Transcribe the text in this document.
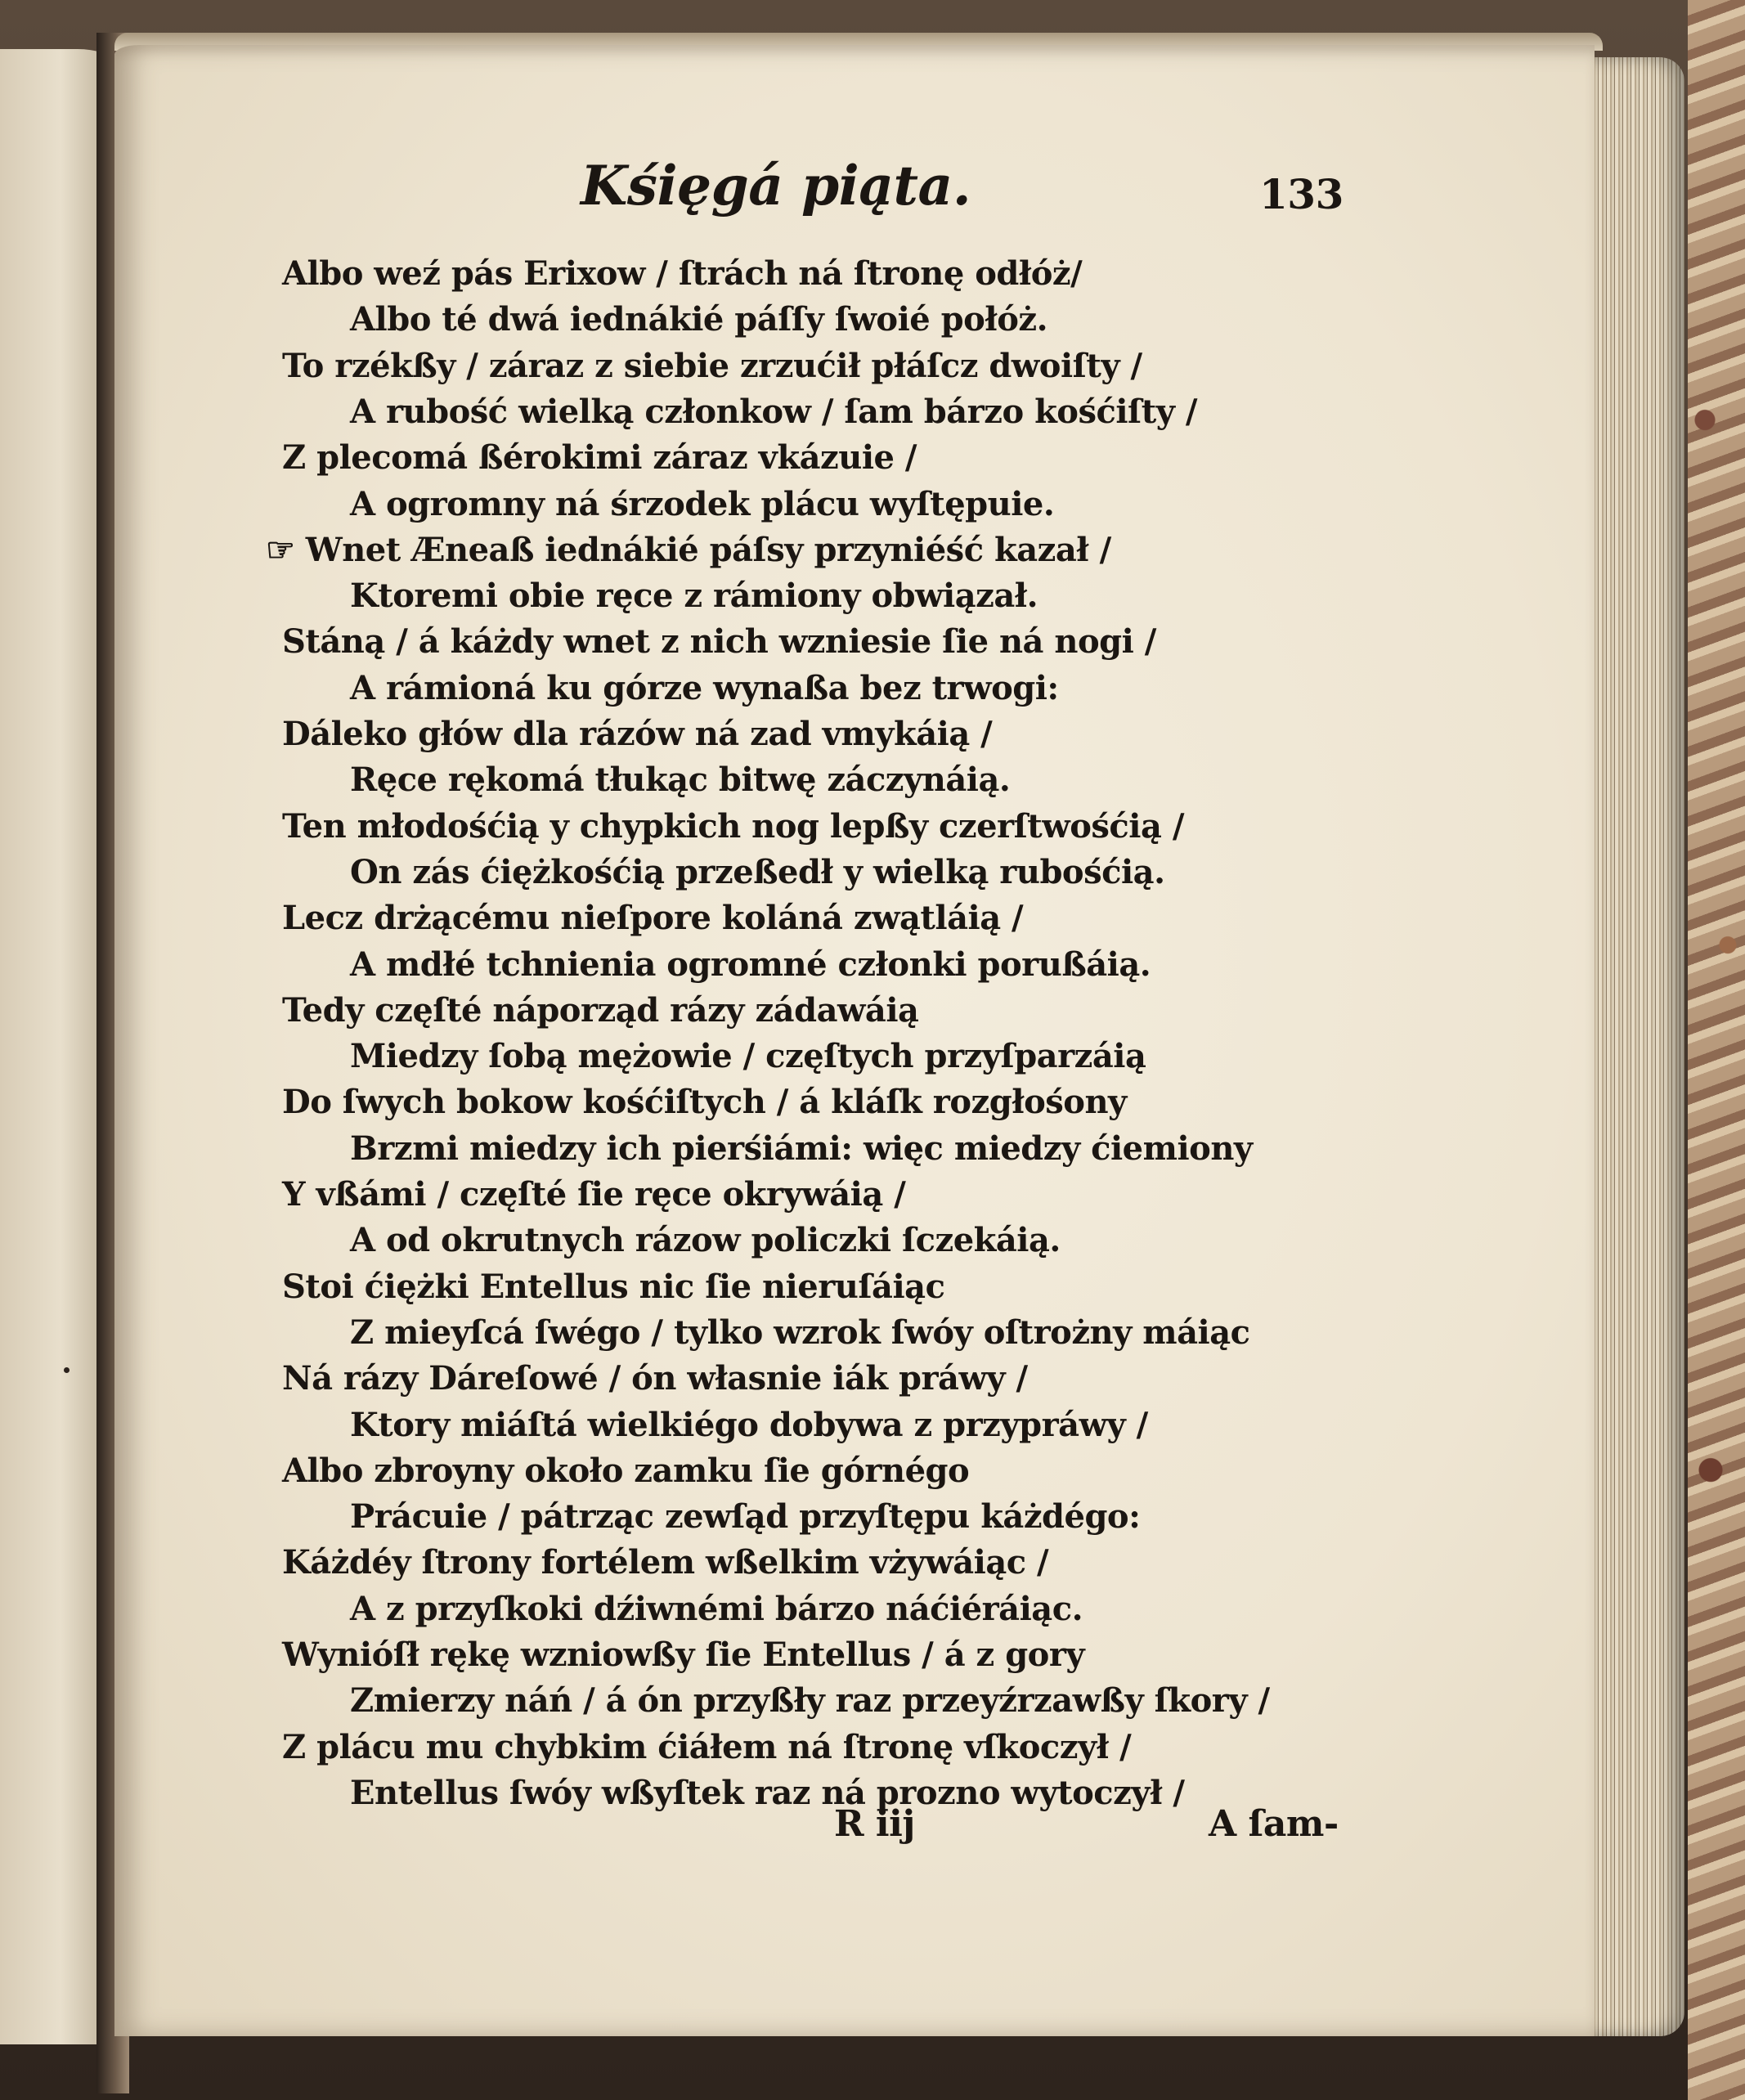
Kśięgá piąta.	133
Albo weź pás Erixow / ſtrách ná ſtronę odłóż/
Albo té dwá iednákié páſſy ſwoié połóż.
To rzékßy / záraz z siebie zrzućił płáſcz dwoiſty /
A rubość wielką członkow / ſam bárzo kośćiſty /
Z plecomá ßérokimi záraz vkázuie /
A ogromny ná śrzodek plácu wyſtępuie.
☞ Wnet Æneaß iednákié páſsy przyniéść kazał /
Ktoremi obie ręce z rámiony obwiązał.
Stáną / á káżdy wnet z nich wzniesie ſie ná nogi /
A rámioná ku górze wynaßa bez trwogi:
Dáleko głów dla rázów ná zad vmykáią /
Ręce rękomá tłukąc bitwę záczynáią.
Ten młodośćią y chypkich nog lepßy czerſtwośćią /
On zás ćiężkośćią przeßedł y wielką rubośćią.
Lecz drżącému nieſpore koláná zwątláią /
A mdłé tchnienia ogromné członki porußáią.
Tedy częſté náporząd rázy zádawáią
Miedzy ſobą mężowie / częſtych przyſparzáią
Do ſwych bokow kośćiſtych / á kláſk rozgłośony
Brzmi miedzy ich pierśiámi: więc miedzy ćiemiony
Y vßámi / częſté ſie ręce okrywáią /
A od okrutnych rázow policzki ſczekáią.
Stoi ćiężki Entellus nic ſie nieruſáiąc
Z mieyſcá ſwégo / tylko wzrok ſwóy oſtrożny máiąc
Ná rázy Dáreſowé / ón własnie iák práwy /
Ktory miáſtá wielkiégo dobywa z przypráwy /
Albo zbroyny około zamku ſie górnégo
Prácuie / pátrząc zewſąd przyſtępu káżdégo:
Káżdéy ſtrony fortélem wßelkim vżywáiąc /
A z przyſkoki dźiwnémi bárzo náćiéráiąc.
Wynióſł rękę wzniowßy ſie Entellus / á z gory
Zmierzy náń / á ón przyßły raz przeyźrzawßy ſkory /
Z plácu mu chybkim ćiáłem ná ſtronę vſkoczył /
Entellus ſwóy wßyſtek raz ná prozno wytoczył /
R iij	A ſam-
